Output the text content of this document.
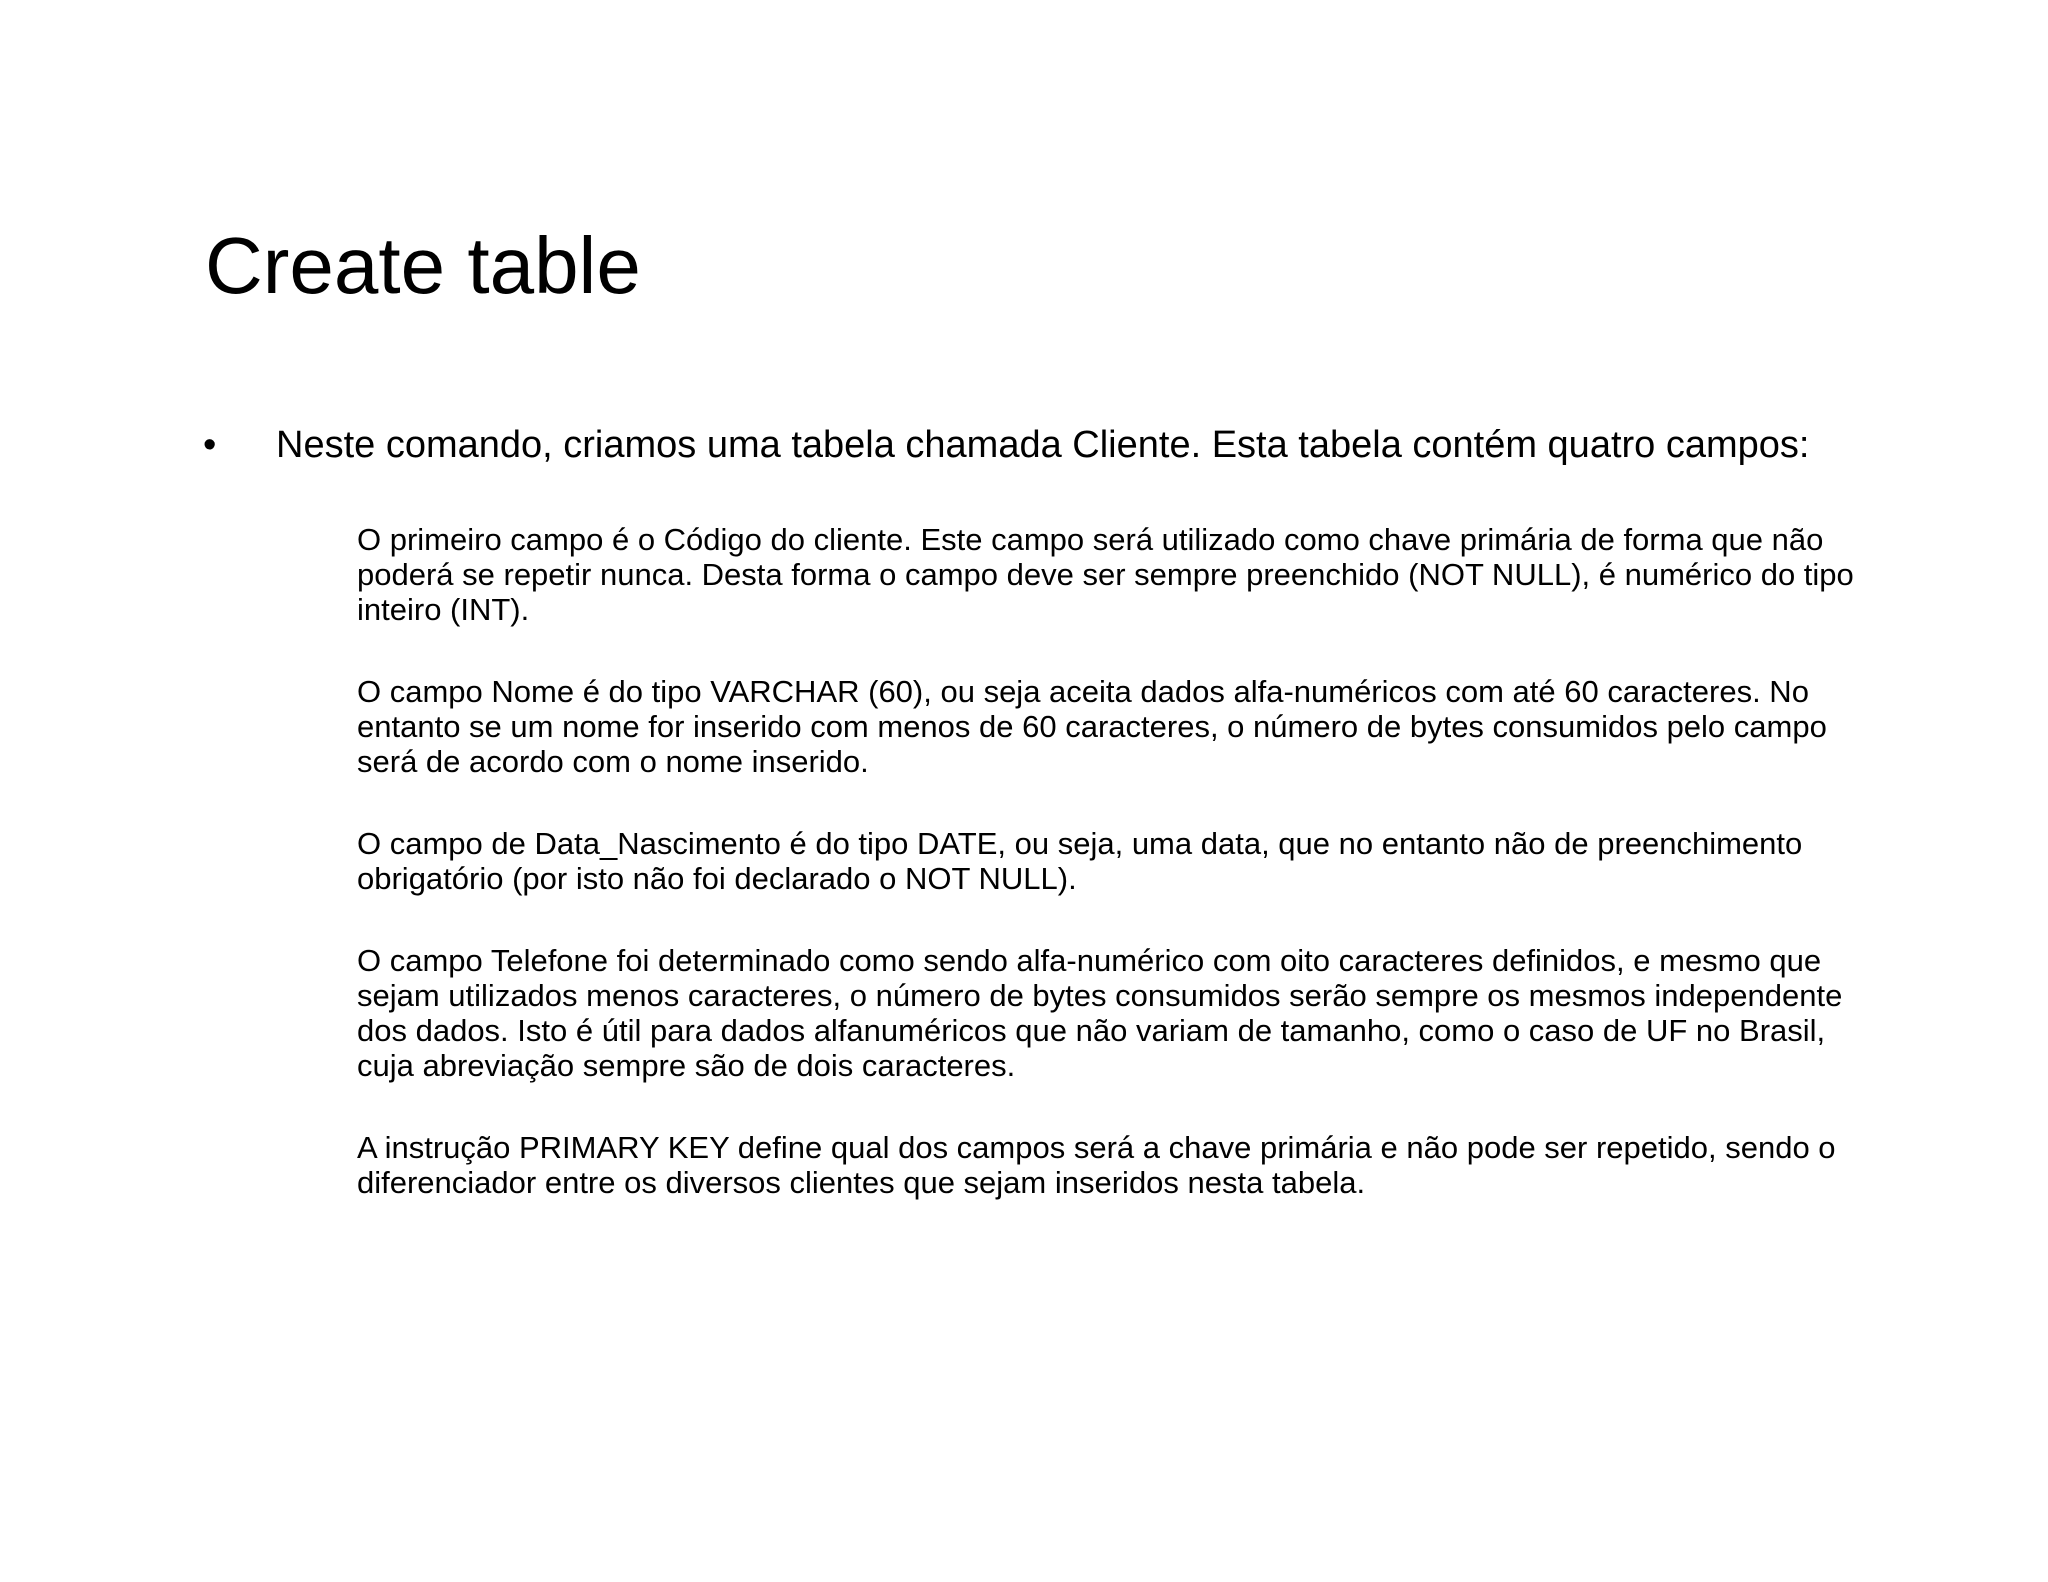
Create table
• Neste comando, criamos uma tabela chamada Cliente. Esta tabela contém quatro campos:

O primeiro campo é o Código do cliente. Este campo será utilizado como chave primária de forma que não poderá se repetir nunca. Desta forma o campo deve ser sempre preenchido (NOT NULL), é numérico do tipo inteiro (INT).
O campo Nome é do tipo VARCHAR (60), ou seja aceita dados alfa-numéricos com até 60 caracteres. No entanto se um nome for inserido com menos de 60 caracteres, o número de bytes consumidos pelo campo será de acordo com o nome inserido.
O campo de Data_Nascimento é do tipo DATE, ou seja, uma data, que no entanto não de preenchimento obrigatório (por isto não foi declarado o NOT NULL).
O campo Telefone foi determinado como sendo alfa-numérico com oito caracteres definidos, e mesmo que sejam utilizados menos caracteres, o número de bytes consumidos serão sempre os mesmos independente dos dados. Isto é útil para dados alfanuméricos que não variam de tamanho, como o caso de UF no Brasil, cuja abreviação sempre são de dois caracteres.
A instrução PRIMARY KEY define qual dos campos será a chave primária e não pode ser repetido, sendo o diferenciador entre os diversos clientes que sejam inseridos nesta tabela.
